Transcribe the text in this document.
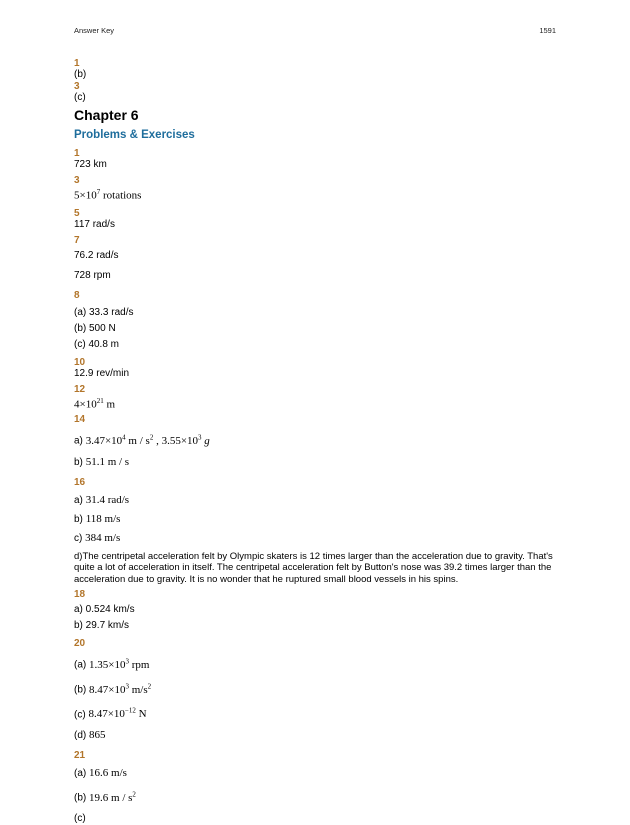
Answer Key	1591
1
(b)
3
(c)
Chapter 6
Problems & Exercises
1
723 km
3
$5\times 10^7$ rotations
5
117 rad/s
7
76.2 rad/s
728 rpm
8
(a) 33.3 rad/s
(b) 500 N
(c) 40.8 m
10
12.9 rev/min
12
$4\times 10^{21}$ m
14
a) $3.47\times 10^4$ m / $s^2$ , $3.55\times 10^3$ g
b) 51.1 m / s
16
a) 31.4 rad/s
b) 118 m/s
c) 384 m/s
d)The centripetal acceleration felt by Olympic skaters is 12 times larger than the acceleration due to gravity. That's quite a lot of acceleration in itself. The centripetal acceleration felt by Button's nose was 39.2 times larger than the acceleration due to gravity. It is no wonder that he ruptured small blood vessels in his spins.
18
a) 0.524 km/s
b) 29.7 km/s
20
(a) $1.35\times 10^3$ rpm
(b) $8.47\times 10^3$ $m/s^2$
(c) $8.47\times 10^{-12}$ N
(d) 865
21
(a) 16.6 m/s
(b) 19.6 m / $s^2$
(c)
